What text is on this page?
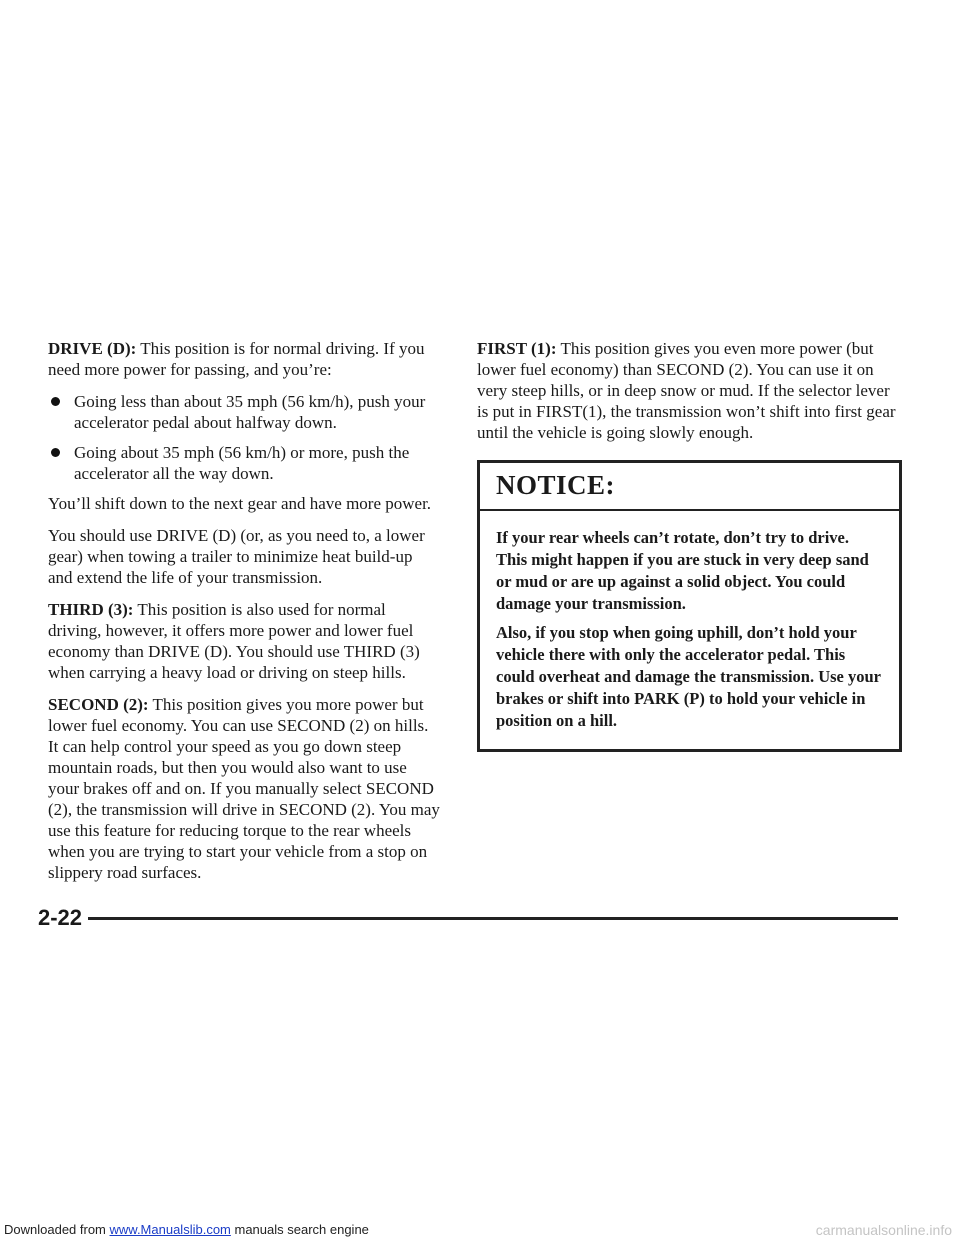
DRIVE (D): This position is for normal driving. If you need more power for passing, and you’re:

Going less than about 35 mph (56 km/h), push your accelerator pedal about halfway down.
Going about 35 mph (56 km/h) or more, push the accelerator all the way down.

You’ll shift down to the next gear and have more power.

You should use DRIVE (D) (or, as you need to, a lower gear) when towing a trailer to minimize heat build-up and extend the life of your transmission.

THIRD (3): This position is also used for normal driving, however, it offers more power and lower fuel economy than DRIVE (D). You should use THIRD (3) when carrying a heavy load or driving on steep hills.

SECOND (2): This position gives you more power but lower fuel economy. You can use SECOND (2) on hills. It can help control your speed as you go down steep mountain roads, but then you would also want to use your brakes off and on. If you manually select SECOND (2), the transmission will drive in SECOND (2). You may use this feature for reducing torque to the rear wheels when you are trying to start your vehicle from a stop on slippery road surfaces.

FIRST (1): This position gives you even more power (but lower fuel economy) than SECOND (2). You can use it on very steep hills, or in deep snow or mud. If the selector lever is put in FIRST(1), the transmission won’t shift into first gear until the vehicle is going slowly enough.

NOTICE:

If your rear wheels can’t rotate, don’t try to drive. This might happen if you are stuck in very deep sand or mud or are up against a solid object. You could damage your transmission.

Also, if you stop when going uphill, don’t hold your vehicle there with only the accelerator pedal. This could overheat and damage the transmission. Use your brakes or shift into PARK (P) to hold your vehicle in position on a hill.

2-22
Downloaded from www.Manualslib.com manuals search engine	carmanualsonline.info
